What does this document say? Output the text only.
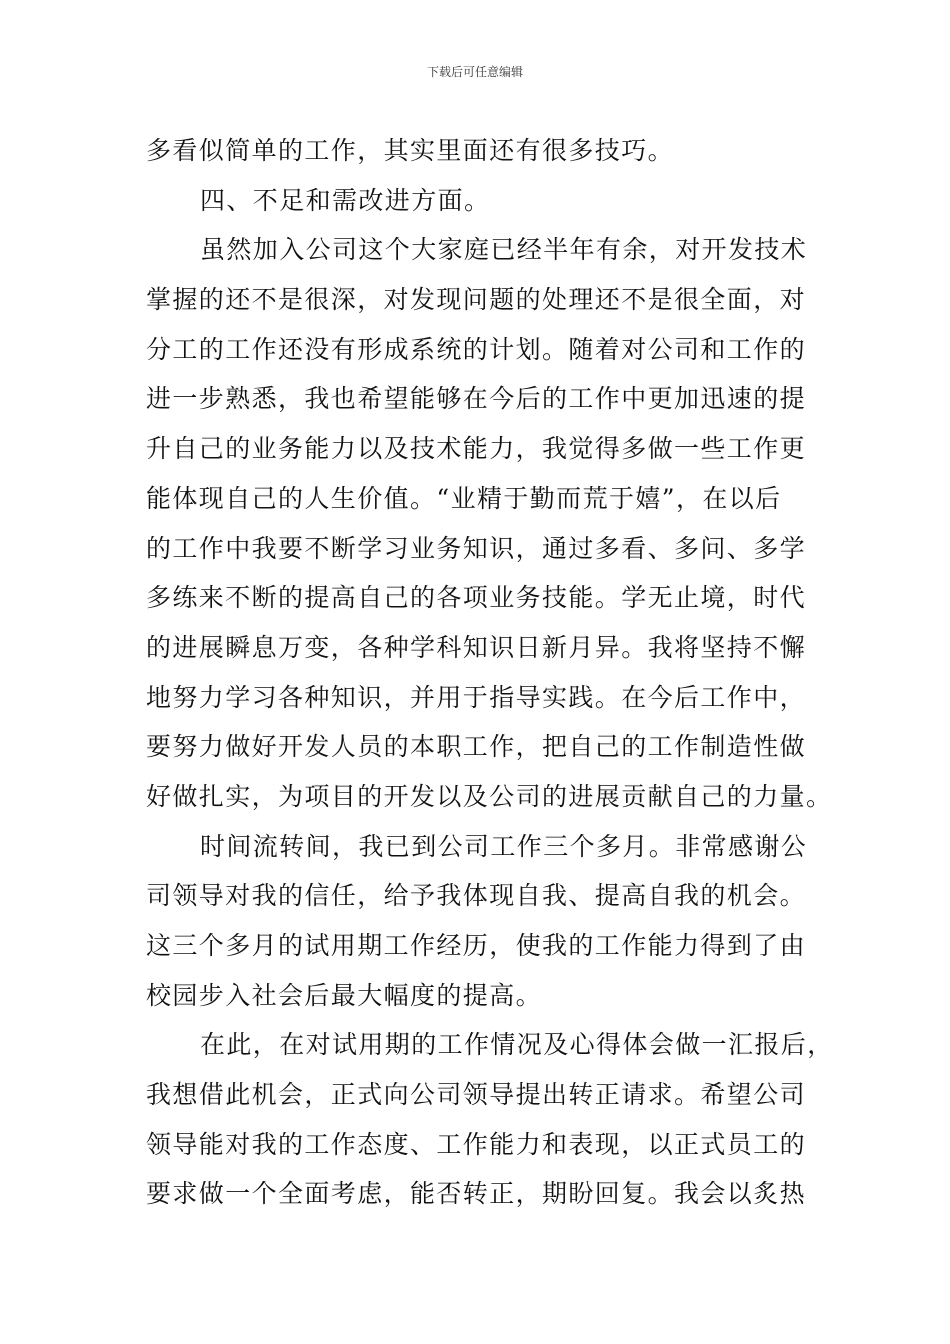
下载后可任意编辑
多看似简单的工作，其实里面还有很多技巧。
四、不足和需改进方面。
虽然加入公司这个大家庭已经半年有余，对开发技术
掌握的还不是很深，对发现问题的处理还不是很全面，对
分工的工作还没有形成系统的计划。随着对公司和工作的
进一步熟悉，我也希望能够在今后的工作中更加迅速的提
升自己的业务能力以及技术能力，我觉得多做一些工作更
能体现自己的人生价值。“业精于勤而荒于嬉”，在以后
的工作中我要不断学习业务知识，通过多看、多问、多学
多练来不断的提高自己的各项业务技能。学无止境，时代
的进展瞬息万变，各种学科知识日新月异。我将坚持不懈
地努力学习各种知识，并用于指导实践。在今后工作中，
要努力做好开发人员的本职工作，把自己的工作制造性做
好做扎实，为项目的开发以及公司的进展贡献自己的力量。
时间流转间，我已到公司工作三个多月。非常感谢公
司领导对我的信任，给予我体现自我、提高自我的机会。
这三个多月的试用期工作经历，使我的工作能力得到了由
校园步入社会后最大幅度的提高。
在此，在对试用期的工作情况及心得体会做一汇报后，
我想借此机会，正式向公司领导提出转正请求。希望公司
领导能对我的工作态度、工作能力和表现，以正式员工的
要求做一个全面考虑，能否转正，期盼回复。我会以炙热
